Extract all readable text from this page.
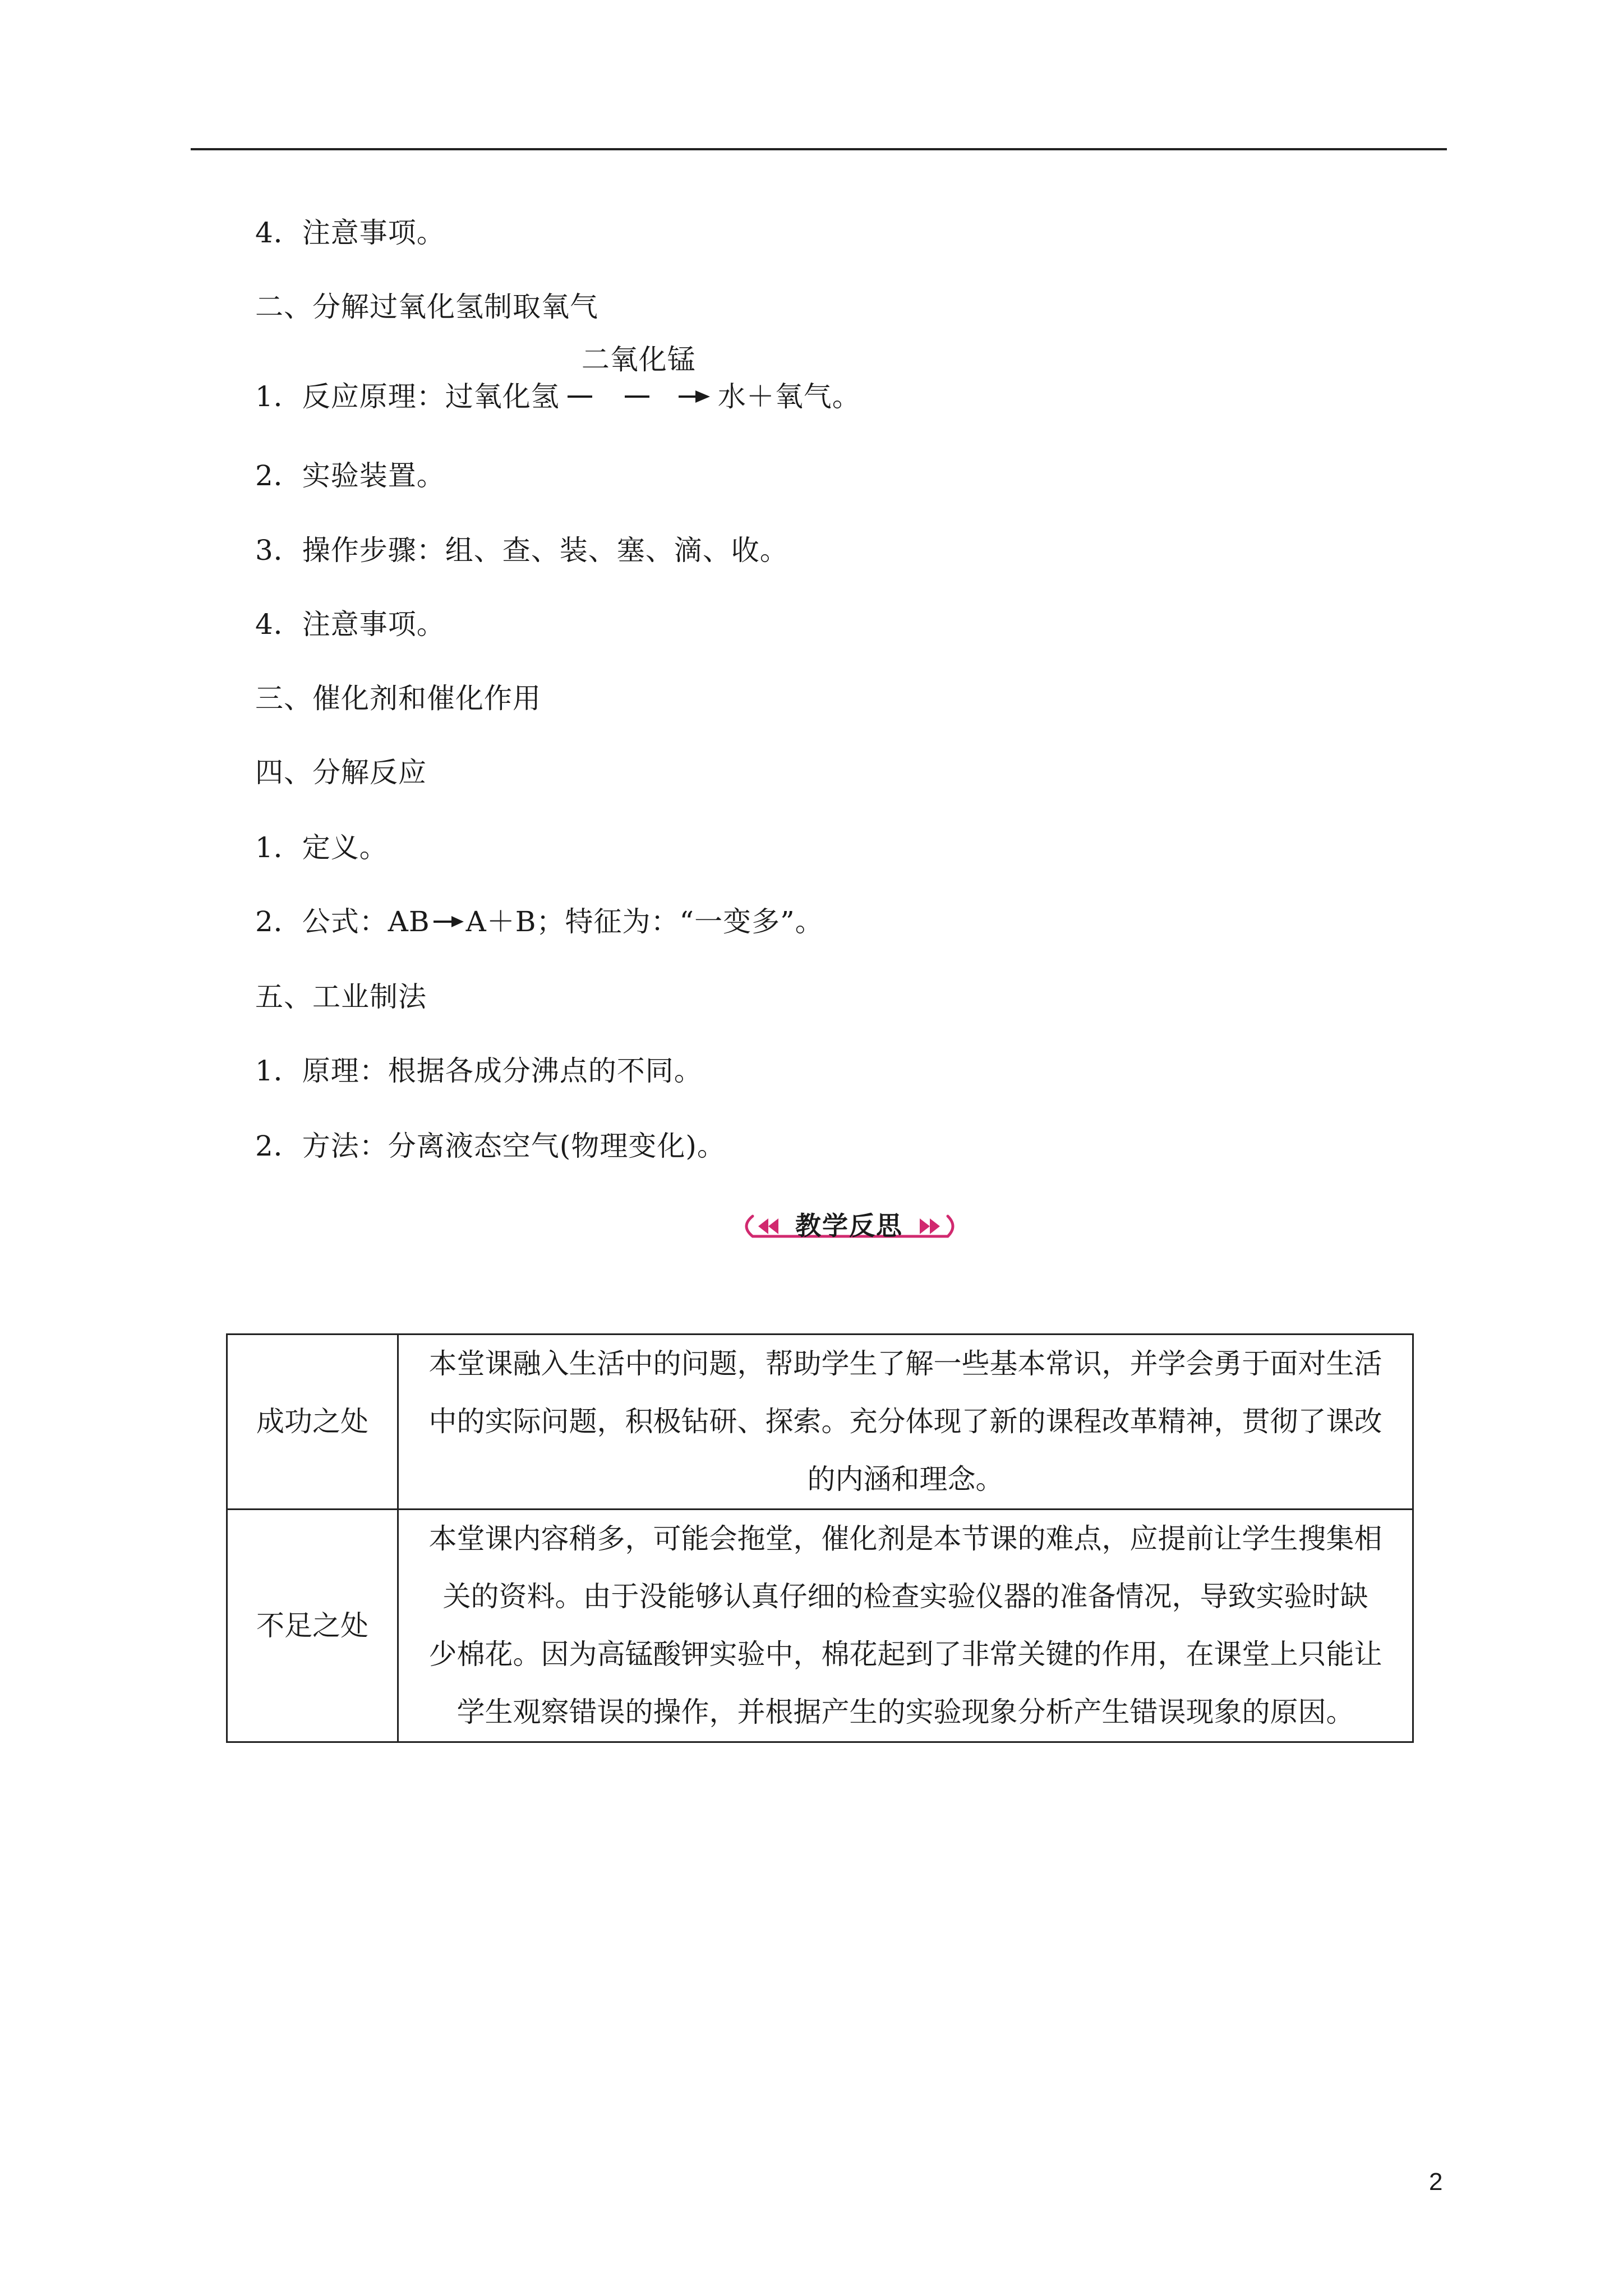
4．注意事项。
二、分解过氧化氢制取氧气
1．反应原理：过氧化氢
二氧化锰
水＋氧气。
2．实验装置。
3．操作步骤：组、查、装、塞、滴、收。
4．注意事项。
三、催化剂和催化作用
四、分解反应
1．定义。
2．公式：AB A＋B；特征为：“一变多”。
五、工业制法
1．原理：根据各成分沸点的不同。
2．方法：分离液态空气(物理变化)。
教学反思
成功之处	本堂课融入生活中的问题，帮助学生了解一些基本常识，并学会勇于面对生活
中的实际问题，积极钻研、探索。充分体现了新的课程改革精神，贯彻了课改
的内涵和理念。

不足之处	本堂课内容稍多，可能会拖堂，催化剂是本节课的难点，应提前让学生搜集相
关的资料。由于没能够认真仔细的检查实验仪器的准备情况，导致实验时缺
少棉花。因为高锰酸钾实验中，棉花起到了非常关键的作用，在课堂上只能让
学生观察错误的操作，并根据产生的实验现象分析产生错误现象的原因。
2
